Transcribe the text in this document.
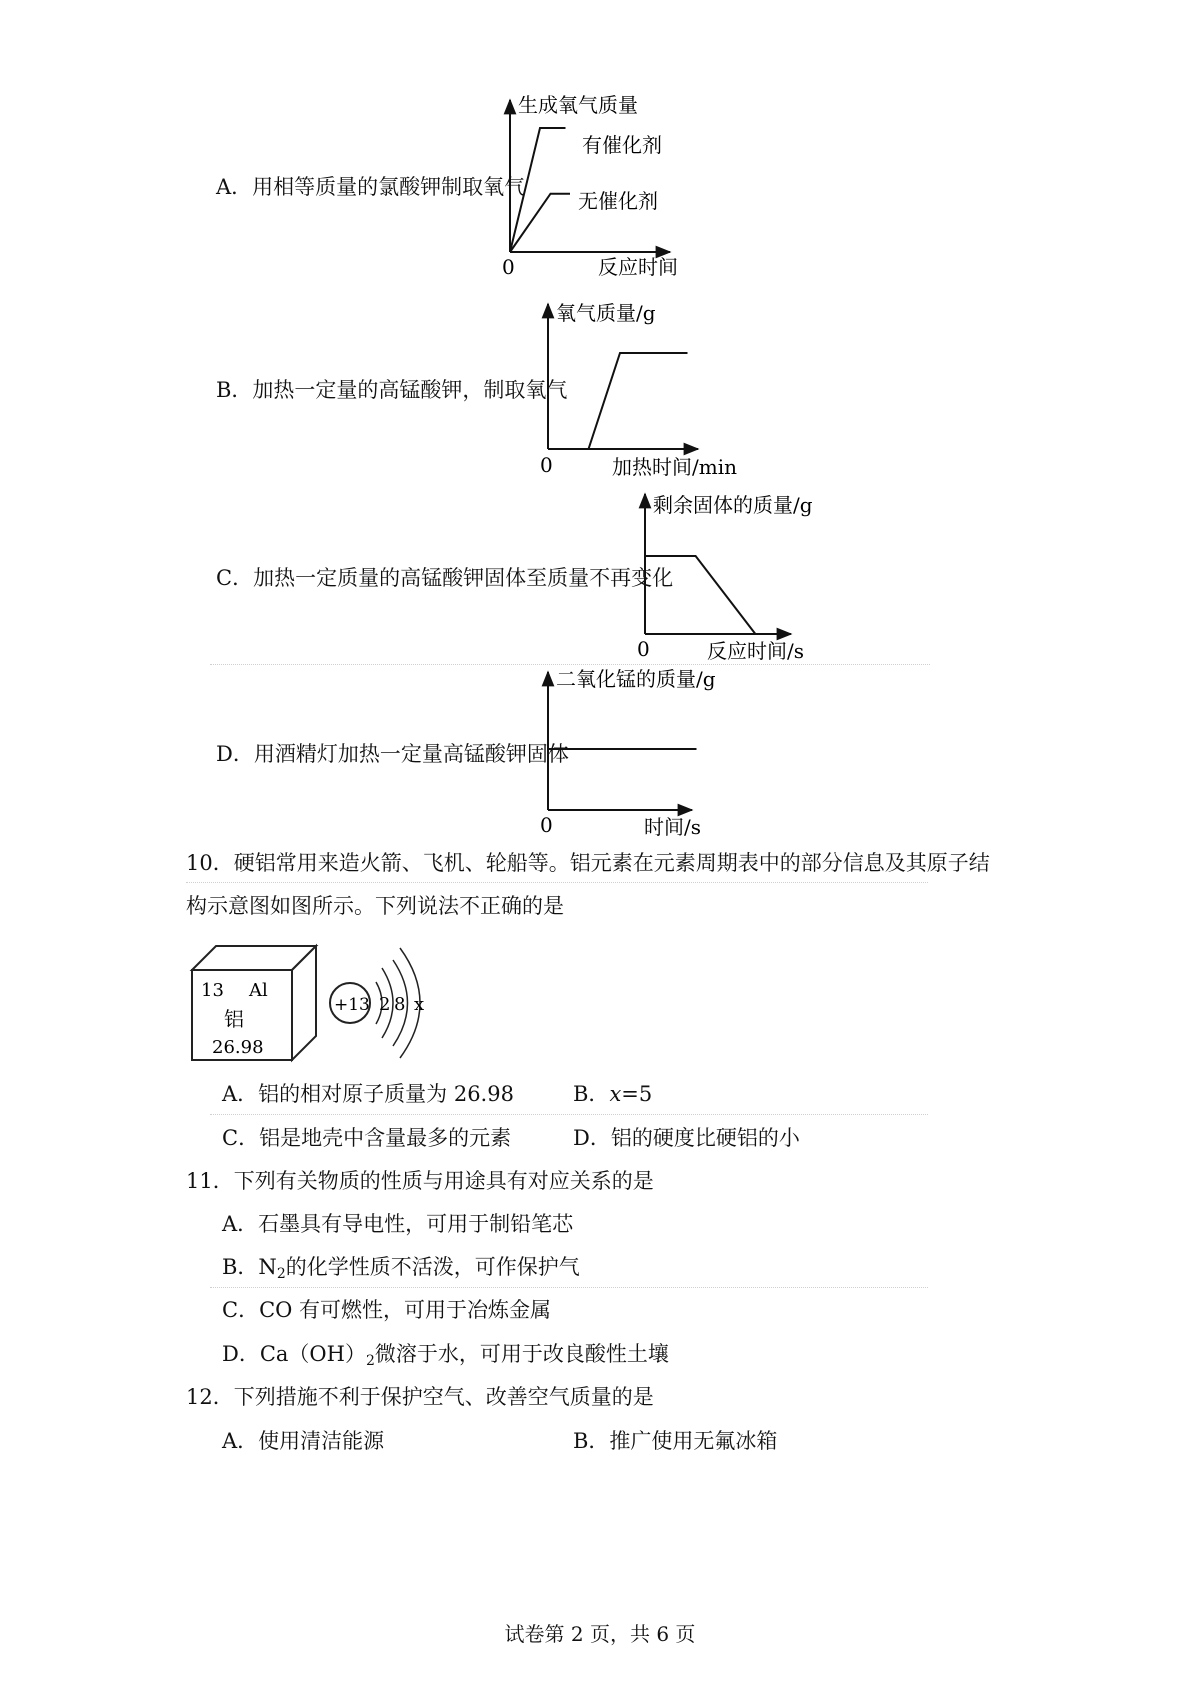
A．用相等质量的氯酸钾制取氧气
生成氧气质量
有催化剂
无催化剂
0	反应时间
B．加热一定量的高锰酸钾，制取氧气
氧气质量/g
0	加热时间/min
C．加热一定质量的高锰酸钾固体至质量不再变化
剩余固体的质量/g
0	反应时间/s
D．用酒精灯加热一定量高锰酸钾固体
二氧化锰的质量/g
0	时间/s
10．硬铝常用来造火箭、飞机、轮船等。铝元素在元素周期表中的部分信息及其原子结
构示意图如图所示。下列说法不正确的是
13 Al
铝
26.98
+13 2 8 x
A．铝的相对原子质量为 26.98	B．x=5
C．铝是地壳中含量最多的元素	D．铝的硬度比硬铝的小
11．下列有关物质的性质与用途具有对应关系的是
A．石墨具有导电性，可用于制铅笔芯
B．$N_2$的化学性质不活泼，可作保护气
C．CO 有可燃性，可用于冶炼金属
D．$Ca(OH)_2$微溶于水，可用于改良酸性土壤
12．下列措施不利于保护空气、改善空气质量的是
A．使用清洁能源	B．推广使用无氟冰箱
试卷第 2 页，共 6 页
